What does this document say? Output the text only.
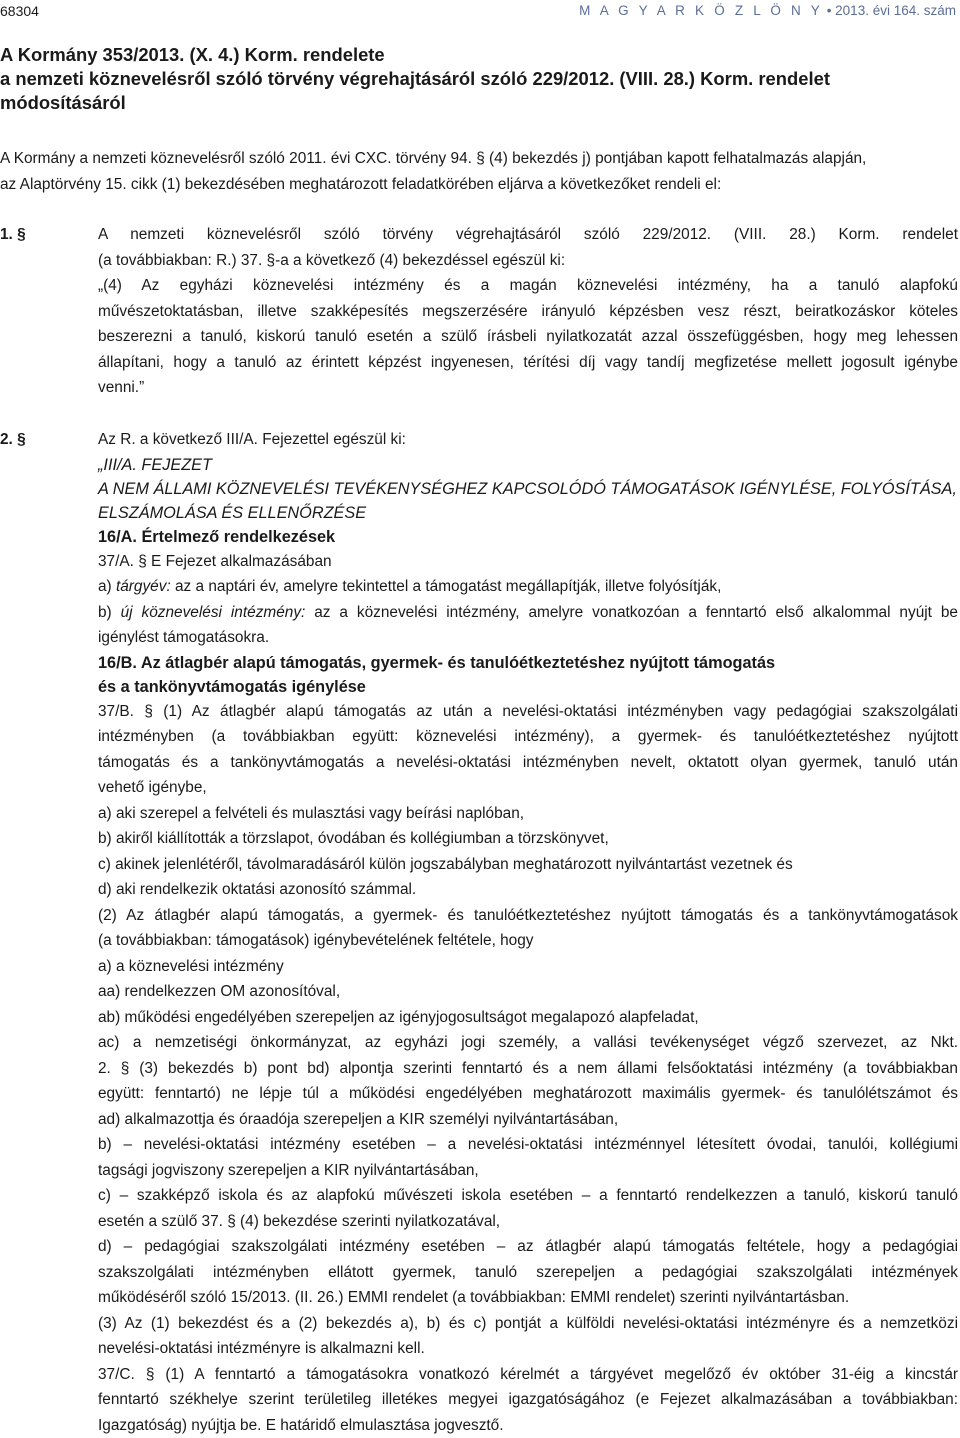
68304	M A G Y A R K Ö Z L Ö N Y • 2013. évi 164. szám
A Kormány 353/2013. (X. 4.) Korm. rendelete
a nemzeti köznevelésről szóló törvény végrehajtásáról szóló 229/2012. (VIII. 28.) Korm. rendelet
módosításáról
A Kormány a nemzeti köznevelésről szóló 2011. évi CXC. törvény 94. § (4) bekezdés j) pontjában kapott felhatalmazás alapján,
az Alaptörvény 15. cikk (1) bekezdésében meghatározott feladatkörében eljárva a következőket rendeli el:
1. §	A nemzeti köznevelésről szóló törvény végrehajtásáról szóló 229/2012. (VIII. 28.) Korm. rendelet
(a továbbiakban: R.) 37. §-a a következő (4) bekezdéssel egészül ki:
„(4) Az egyházi köznevelési intézmény és a magán köznevelési intézmény, ha a tanuló alapfokú
művészetoktatásban, illetve szakképesítés megszerzésére irányuló képzésben vesz részt, beiratkozáskor köteles
beszerezni a tanuló, kiskorú tanuló esetén a szülő írásbeli nyilatkozatát azzal összefüggésben, hogy meg lehessen
állapítani, hogy a tanuló az érintett képzést ingyenesen, térítési díj vagy tandíj megfizetése mellett jogosult igénybe
venni.”
2. §	Az R. a következő III/A. Fejezettel egészül ki:
„III/A. FEJEZET
A NEM ÁLLAMI KÖZNEVELÉSI TEVÉKENYSÉGHEZ KAPCSOLÓDÓ TÁMOGATÁSOK IGÉNYLÉSE, FOLYÓSÍTÁSA,
ELSZÁMOLÁSA ÉS ELLENŐRZÉSE
16/A. Értelmező rendelkezések
37/A. § E Fejezet alkalmazásában
a) tárgyév: az a naptári év, amelyre tekintettel a támogatást megállapítják, illetve folyósítják,
b) új köznevelési intézmény: az a köznevelési intézmény, amelyre vonatkozóan a fenntartó első alkalommal nyújt be
igénylést támogatásokra.
16/B. Az átlagbér alapú támogatás, gyermek- és tanulóétkeztetéshez nyújtott támogatás
és a tankönyvtámogatás igénylése
37/B. § (1) Az átlagbér alapú támogatás az után a nevelési-oktatási intézményben vagy pedagógiai szakszolgálati
intézményben (a továbbiakban együtt: köznevelési intézmény), a gyermek- és tanulóétkeztetéshez nyújtott
támogatás és a tankönyvtámogatás a nevelési-oktatási intézményben nevelt, oktatott olyan gyermek, tanuló után
vehető igénybe,
a) aki szerepel a felvételi és mulasztási vagy beírási naplóban,
b) akiről kiállították a törzslapot, óvodában és kollégiumban a törzskönyvet,
c) akinek jelenlétéről, távolmaradásáról külön jogszabályban meghatározott nyilvántartást vezetnek és
d) aki rendelkezik oktatási azonosító számmal.
(2) Az átlagbér alapú támogatás, a gyermek- és tanulóétkeztetéshez nyújtott támogatás és a tankönyvtámogatások
(a továbbiakban: támogatások) igénybevételének feltétele, hogy
a) a köznevelési intézmény
aa) rendelkezzen OM azonosítóval,
ab) működési engedélyében szerepeljen az igényjogosultságot megalapozó alapfeladat,
ac) a nemzetiségi önkormányzat, az egyházi jogi személy, a vallási tevékenységet végző szervezet, az Nkt.
2. § (3) bekezdés b) pont bd) alpontja szerinti fenntartó és a nem állami felsőoktatási intézmény (a továbbiakban
együtt: fenntartó) ne lépje túl a működési engedélyében meghatározott maximális gyermek- és tanulólétszámot és
ad) alkalmazottja és óraadója szerepeljen a KIR személyi nyilvántartásában,
b) – nevelési-oktatási intézmény esetében – a nevelési-oktatási intézménnyel létesített óvodai, tanulói, kollégiumi
tagsági jogviszony szerepeljen a KIR nyilvántartásában,
c) – szakképző iskola és az alapfokú művészeti iskola esetében – a fenntartó rendelkezzen a tanuló, kiskorú tanuló
esetén a szülő 37. § (4) bekezdése szerinti nyilatkozatával,
d) – pedagógiai szakszolgálati intézmény esetében – az átlagbér alapú támogatás feltétele, hogy a pedagógiai
szakszolgálati intézményben ellátott gyermek, tanuló szerepeljen a pedagógiai szakszolgálati intézmények
működéséről szóló 15/2013. (II. 26.) EMMI rendelet (a továbbiakban: EMMI rendelet) szerinti nyilvántartásban.
(3) Az (1) bekezdést és a (2) bekezdés a), b) és c) pontját a külföldi nevelési-oktatási intézményre és a nemzetközi
nevelési-oktatási intézményre is alkalmazni kell.
37/C. § (1) A fenntartó a támogatásokra vonatkozó kérelmét a tárgyévet megelőző év október 31-éig a kincstár
fenntartó székhelye szerint területileg illetékes megyei igazgatóságához (e Fejezet alkalmazásában a továbbiakban:
Igazgatóság) nyújtja be. E határidő elmulasztása jogvesztő.
